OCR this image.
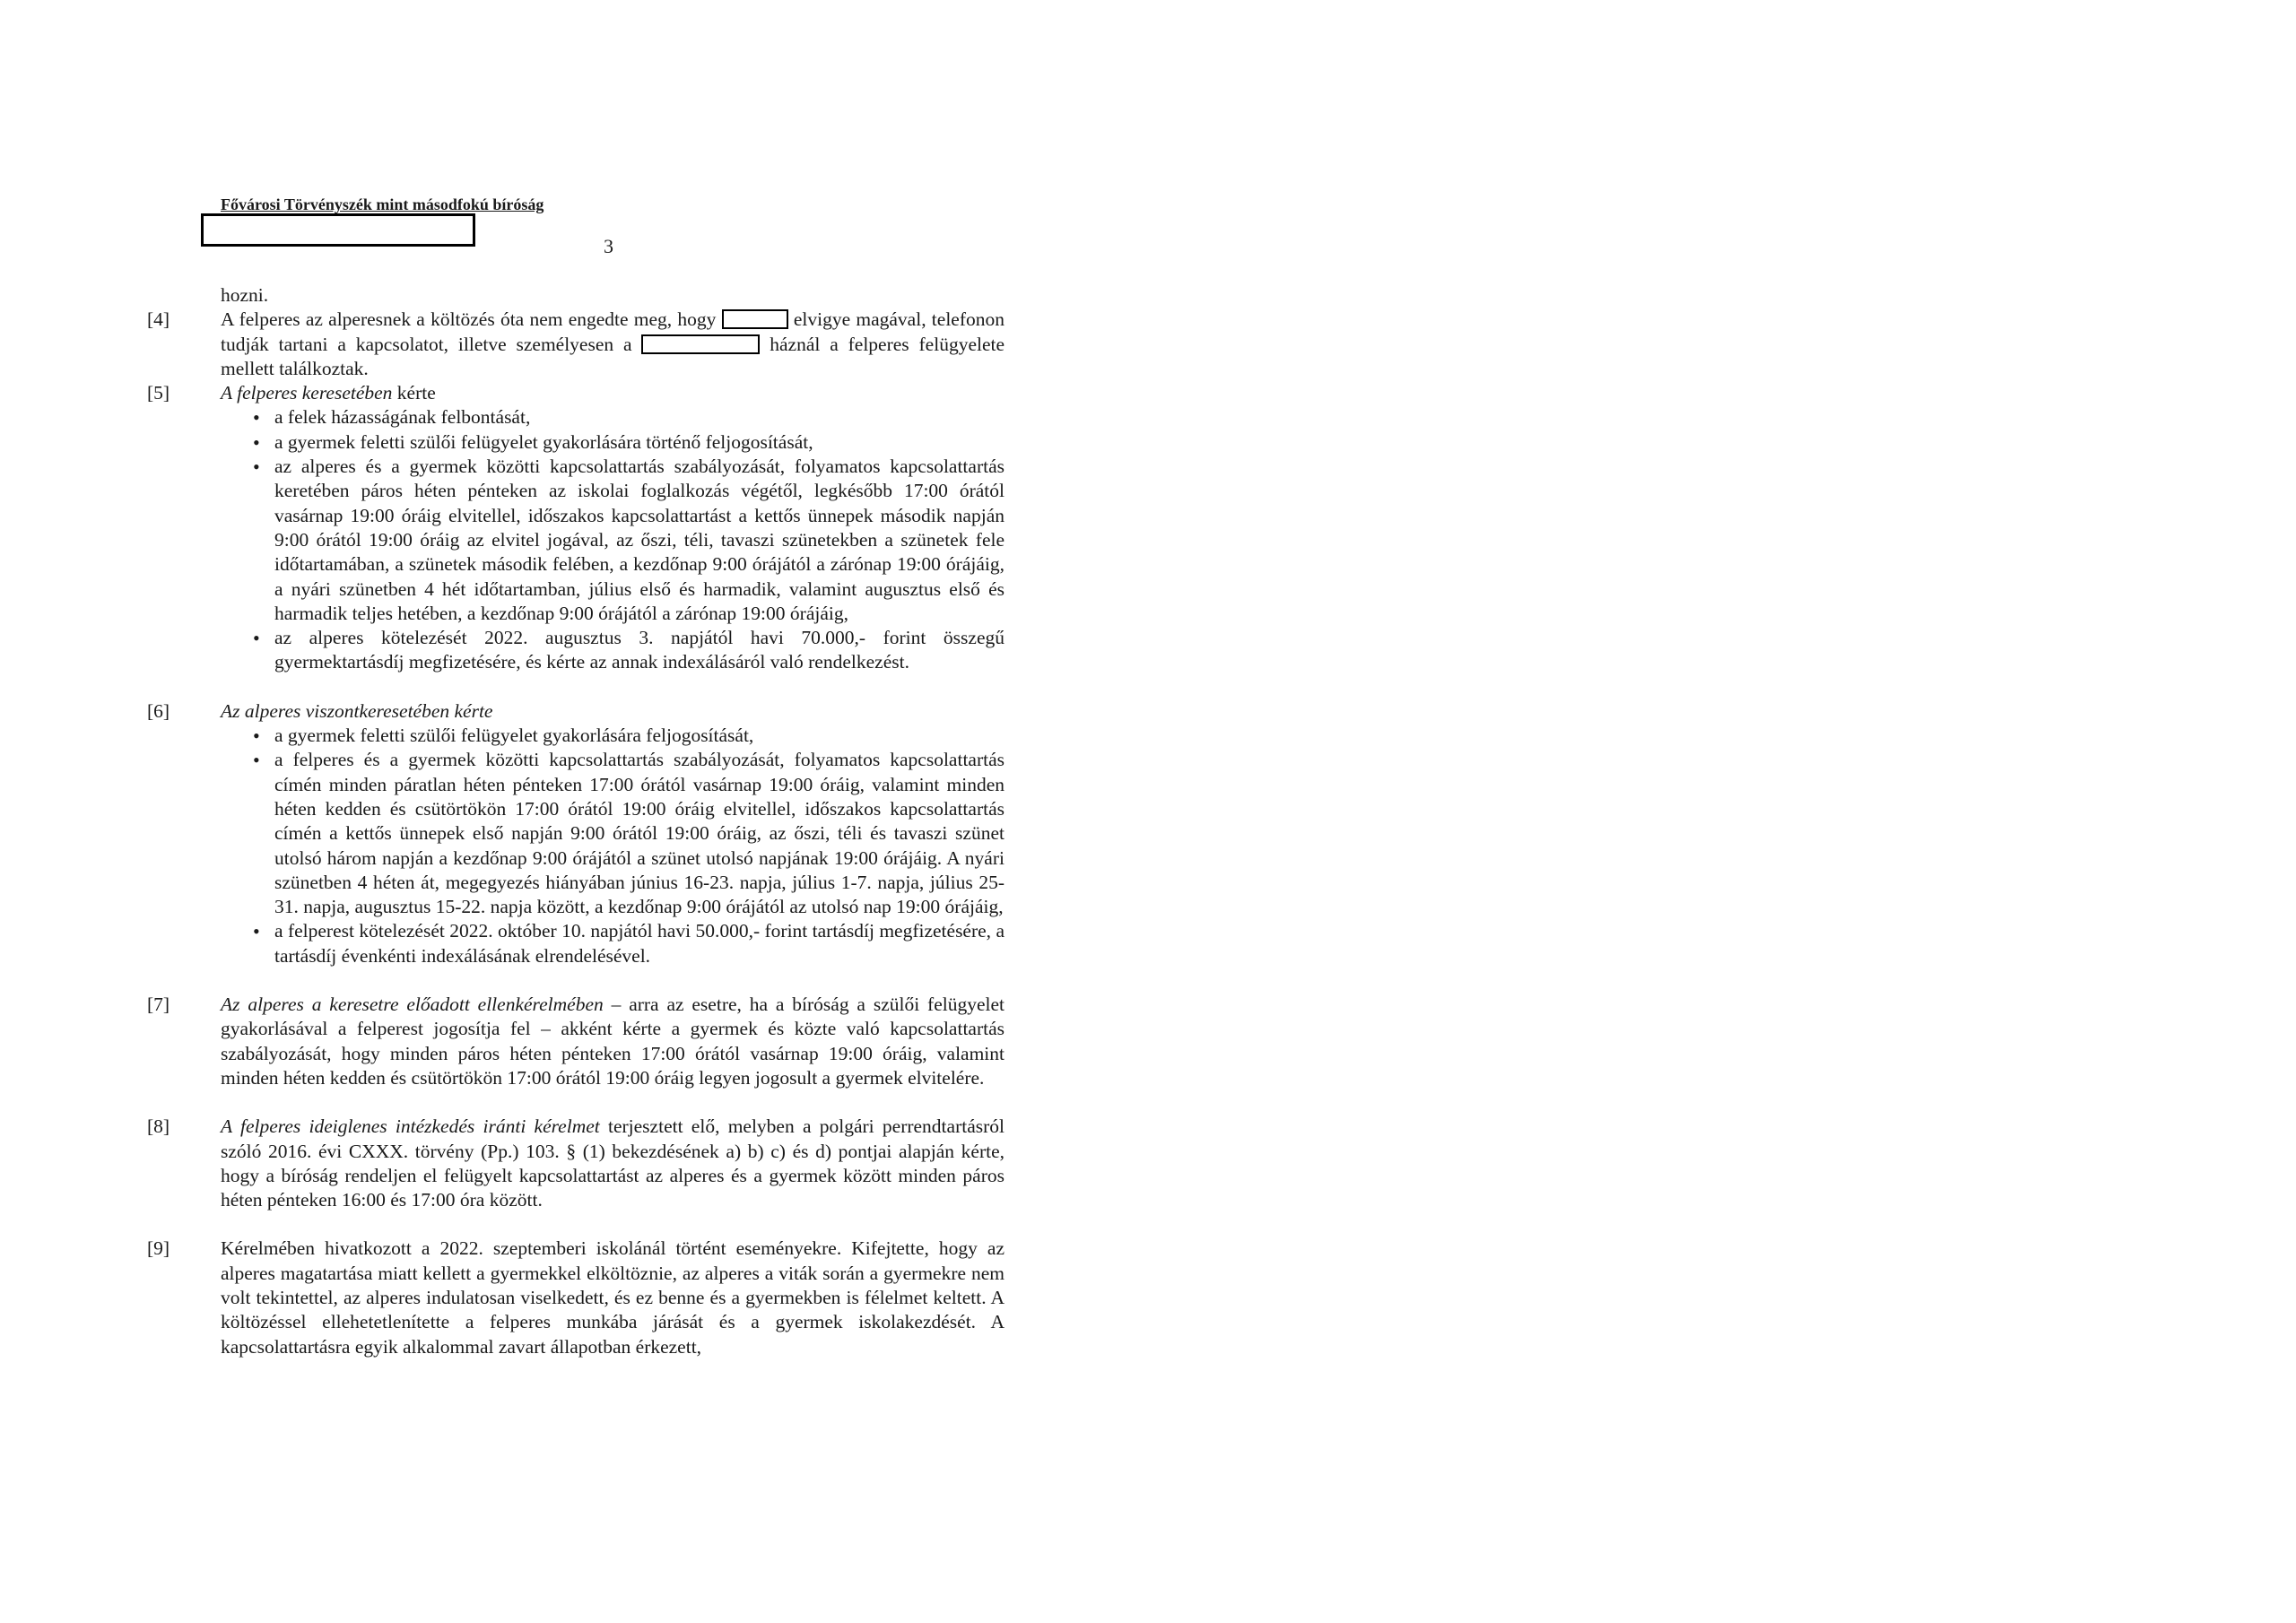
Fővárosi Törvényszék mint másodfokú bíróság
3
hozni.
[4]	A felperes az alperesnek a költözés óta nem engedte meg, hogy	elvigye magával, telefonon tudják tartani a kapcsolatot, illetve személyesen a	háznál a felperes felügyelete mellett találkoztak.
[5]	A felperes keresetében kérte
• a felek házasságának felbontását,
• a gyermek feletti szülői felügyelet gyakorlására történő feljogosítását,
• az alperes és a gyermek közötti kapcsolattartás szabályozását, folyamatos kapcsolattartás keretében páros héten pénteken az iskolai foglalkozás végétől, legkésőbb 17:00 órától vasárnap 19:00 óráig elvitellel, időszakos kapcsolattartást a kettős ünnepek második napján 9:00 órától 19:00 óráig az elvitel jogával, az őszi, téli, tavaszi szünetekben a szünetek fele időtartamában, a szünetek második felében, a kezdőnap 9:00 órájától a zárónap 19:00 órájáig, a nyári szünetben 4 hét időtartamban, július első és harmadik, valamint augusztus első és harmadik teljes hetében, a kezdőnap 9:00 órájától a zárónap 19:00 órájáig,
• az alperes kötelezését 2022. augusztus 3. napjától havi 70.000,- forint összegű gyermektartásdíj megfizetésére, és kérte az annak indexálásáról való rendelkezést.
[6]	Az alperes viszontkeresetében kérte
• a gyermek feletti szülői felügyelet gyakorlására feljogosítását,
• a felperes és a gyermek közötti kapcsolattartás szabályozását, folyamatos kapcsolattartás címén minden páratlan héten pénteken 17:00 órától vasárnap 19:00 óráig, valamint minden héten kedden és csütörtökön 17:00 órától 19:00 óráig elvitellel, időszakos kapcsolattartás címén a kettős ünnepek első napján 9:00 órától 19:00 óráig, az őszi, téli és tavaszi szünet utolsó három napján a kezdőnap 9:00 órájától a szünet utolsó napjának 19:00 órájáig. A nyári szünetben 4 héten át, megegyezés hiányában június 16-23. napja, július 1-7. napja, július 25-31. napja, augusztus 15-22. napja között, a kezdőnap 9:00 órájától az utolsó nap 19:00 órájáig,
• a felperest kötelezését 2022. október 10. napjától havi 50.000,- forint tartásdíj megfizetésére, a tartásdíj évenkénti indexálásának elrendelésével.
[7]	Az alperes a keresetre előadott ellenkérelmében – arra az esetre, ha a bíróság a szülői felügyelet gyakorlásával a felperest jogosítja fel – akként kérte a gyermek és közte való kapcsolattartás szabályozását, hogy minden páros héten pénteken 17:00 órától vasárnap 19:00 óráig, valamint minden héten kedden és csütörtökön 17:00 órától 19:00 óráig legyen jogosult a gyermek elvitelére.
[8]	A felperes ideiglenes intézkedés iránti kérelmet terjesztett elő, melyben a polgári perrendtartásról szóló 2016. évi CXXX. törvény (Pp.) 103. § (1) bekezdésének a) b) c) és d) pontjai alapján kérte, hogy a bíróság rendeljen el felügyelt kapcsolattartást az alperes és a gyermek között minden páros héten pénteken 16:00 és 17:00 óra között.
[9]	Kérelmében hivatkozott a 2022. szeptemberi iskolánál történt eseményekre. Kifejtette, hogy az alperes magatartása miatt kellett a gyermekkel elköltöznie, az alperes a viták során a gyermekre nem volt tekintettel, az alperes indulatosan viselkedett, és ez benne és a gyermekben is félelmet keltett. A költözéssel ellehetetlenítette a felperes munkába járását és a gyermek iskolakezdését. A kapcsolattartásra egyik alkalommal zavart állapotban érkezett,
